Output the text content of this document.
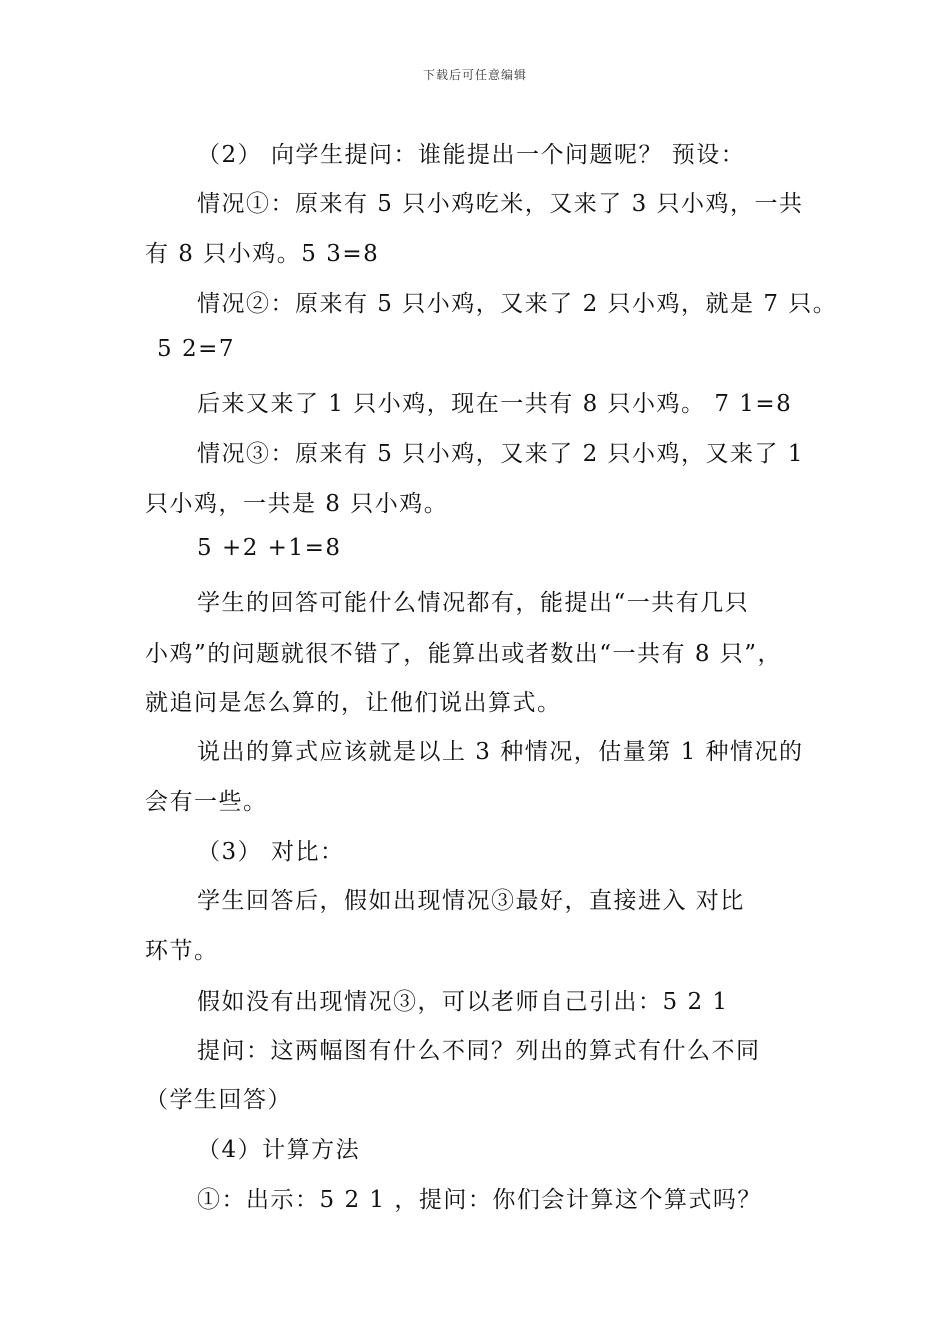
下载后可任意编辑
（2） 向学生提问：谁能提出一个问题呢？ 预设：
情况①：原来有 5 只小鸡吃米，又来了 3 只小鸡，一共
有 8 只小鸡。5 3=8
情况②：原来有 5 只小鸡，又来了 2 只小鸡，就是 7 只。
5 2=7
后来又来了 1 只小鸡，现在一共有 8 只小鸡。 7 1=8
情况③：原来有 5 只小鸡，又来了 2 只小鸡，又来了 1
只小鸡，一共是 8 只小鸡。
5 +2 +1=8
学生的回答可能什么情况都有，能提出“一共有几只
小鸡”的问题就很不错了，能算出或者数出“一共有 8 只”，
就追问是怎么算的，让他们说出算式。
说出的算式应该就是以上 3 种情况，估量第 1 种情况的
会有一些。
（3） 对比：
学生回答后，假如出现情况③最好，直接进入 对比
环节。
假如没有出现情况③，可以老师自己引出：5 2 1
提问：这两幅图有什么不同？列出的算式有什么不同
（学生回答）
（4）计算方法
①：出示：5 2 1 ，提问：你们会计算这个算式吗？
